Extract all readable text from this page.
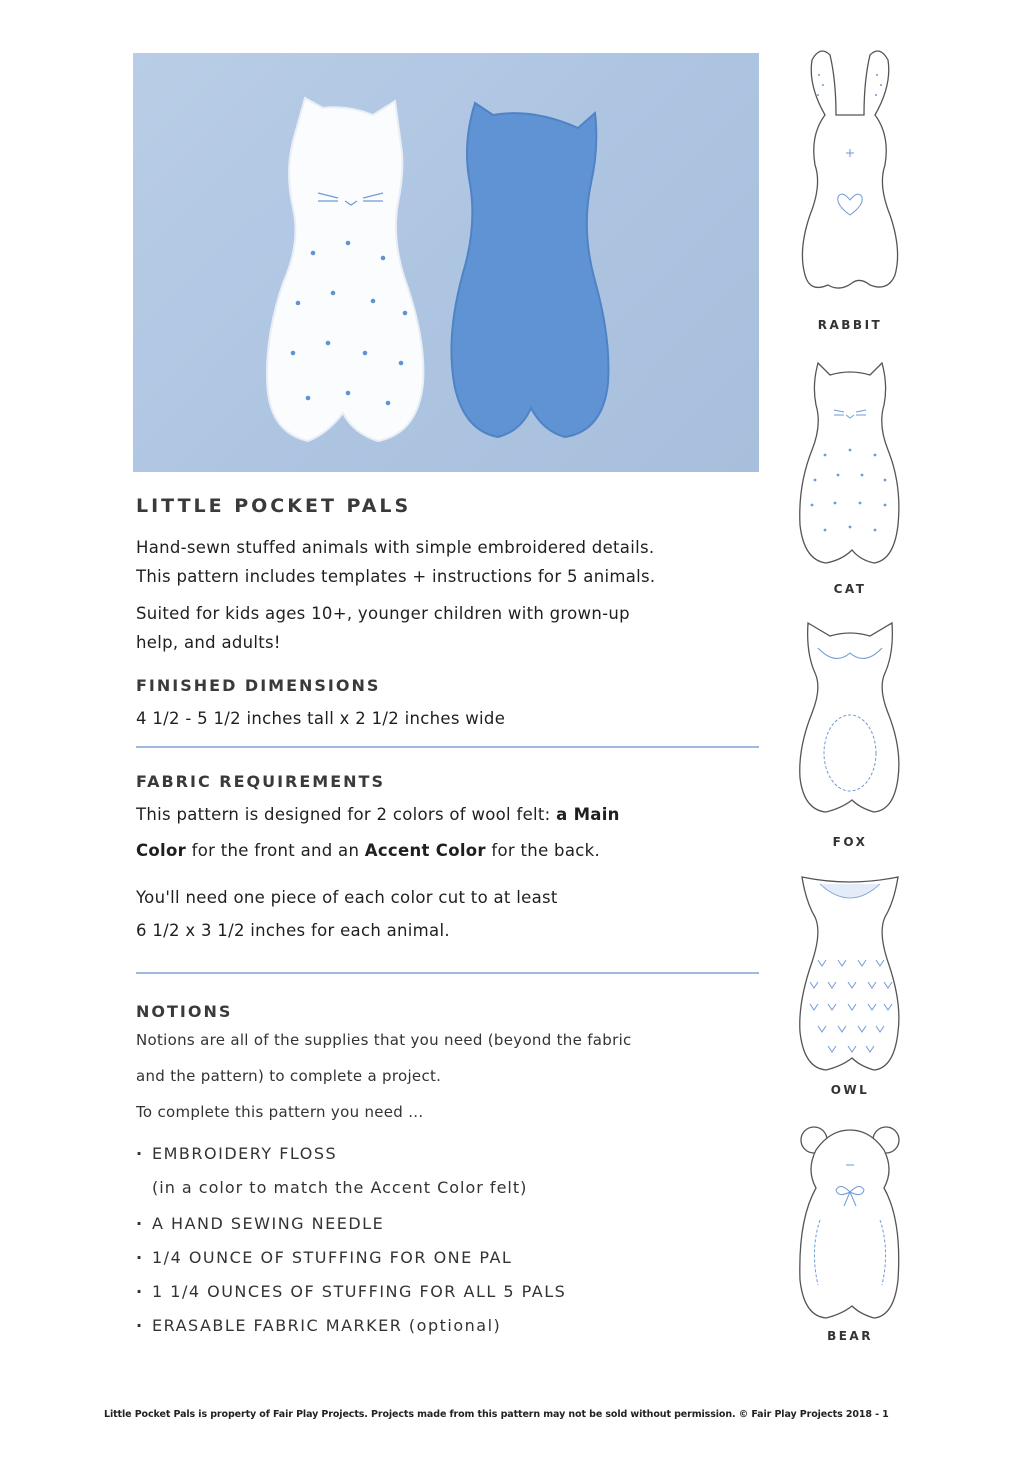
LITTLE POCKET PALS

Hand-sewn stuffed animals with simple embroidered details.

This pattern includes templates + instructions for 5 animals.

Suited for kids ages 10+, younger children with grown-up

help, and adults!

FINISHED DIMENSIONS

4 1/2 - 5 1/2 inches tall x 2 1/2 inches wide

FABRIC REQUIREMENTS

This pattern is designed for 2 colors of wool felt: a Main

Color for the front and an Accent Color for the back.

You'll need one piece of each color cut to at least

6 1/2 x 3 1/2 inches for each animal.

NOTIONS

Notions are all of the supplies that you need (beyond the fabric

and the pattern) to complete a project.

To complete this pattern you need ...

· EMBROIDERY FLOSS
(in a color to match the Accent Color felt)
· A HAND SEWING NEEDLE
· 1/4 OUNCE OF STUFFING FOR ONE PAL
· 1 1/4 OUNCES OF STUFFING FOR ALL 5 PALS
· ERASABLE FABRIC MARKER (optional)
RABBIT
CAT
FOX
OWL
BEAR
Little Pocket Pals is property of Fair Play Projects. Projects made from this pattern may not be sold without permission. © Fair Play Projects 2018 - 1
